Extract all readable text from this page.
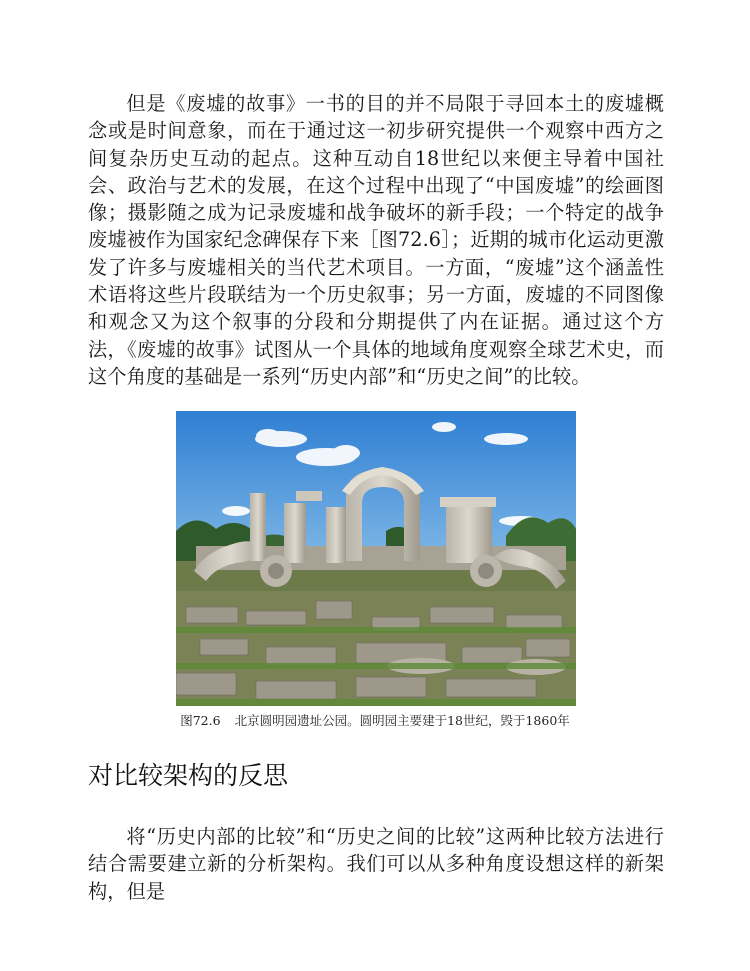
但是《废墟的故事》一书的目的并不局限于寻回本土的废墟概念或是时间意象，而在于通过这一初步研究提供一个观察中西方之间复杂历史互动的起点。这种互动自18世纪以来便主导着中国社会、政治与艺术的发展，在这个过程中出现了“中国废墟”的绘画图像；摄影随之成为记录废墟和战争破坏的新手段；一个特定的战争废墟被作为国家纪念碑保存下来［图72.6］；近期的城市化运动更激发了许多与废墟相关的当代艺术项目。一方面，“废墟”这个涵盖性术语将这些片段联结为一个历史叙事；另一方面，废墟的不同图像和观念又为这个叙事的分段和分期提供了内在证据。通过这个方法，《废墟的故事》试图从一个具体的地域角度观察全球艺术史，而这个角度的基础是一系列“历史内部”和“历史之间”的比较。

图72.6 北京圆明园遗址公园。圆明园主要建于18世纪，毁于1860年
对比较架构的反思

将“历史内部的比较”和“历史之间的比较”这两种比较方法进行结合需要建立新的分析架构。我们可以从多种角度设想这样的新架构，但是
